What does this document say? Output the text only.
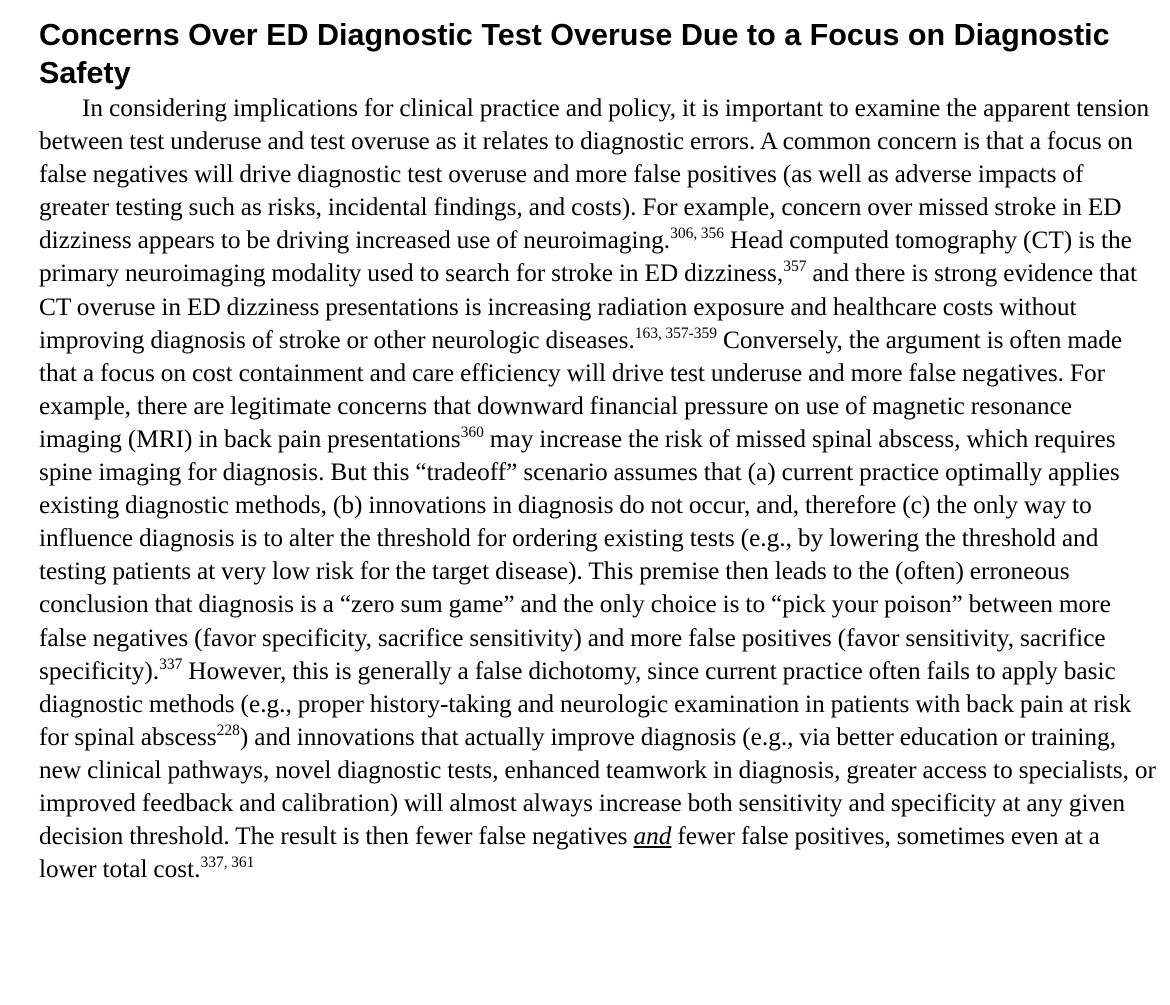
Concerns Over ED Diagnostic Test Overuse Due to a Focus on Diagnostic Safety

In considering implications for clinical practice and policy, it is important to examine the apparent tension between test underuse and test overuse as it relates to diagnostic errors. A common concern is that a focus on false negatives will drive diagnostic test overuse and more false positives (as well as adverse impacts of greater testing such as risks, incidental findings, and costs). For example, concern over missed stroke in ED dizziness appears to be driving increased use of neuroimaging.$^{306, 356}$ Head computed tomography (CT) is the primary neuroimaging modality used to search for stroke in ED dizziness,$^{357}$ and there is strong evidence that CT overuse in ED dizziness presentations is increasing radiation exposure and healthcare costs without improving diagnosis of stroke or other neurologic diseases.$^{163, 357-359}$ Conversely, the argument is often made that a focus on cost containment and care efficiency will drive test underuse and more false negatives. For example, there are legitimate concerns that downward financial pressure on use of magnetic resonance imaging (MRI) in back pain presentations$^{360}$ may increase the risk of missed spinal abscess, which requires spine imaging for diagnosis. But this “tradeoff” scenario assumes that (a) current practice optimally applies existing diagnostic methods, (b) innovations in diagnosis do not occur, and, therefore (c) the only way to influence diagnosis is to alter the threshold for ordering existing tests (e.g., by lowering the threshold and testing patients at very low risk for the target disease). This premise then leads to the (often) erroneous conclusion that diagnosis is a “zero sum game” and the only choice is to “pick your poison” between more false negatives (favor specificity, sacrifice sensitivity) and more false positives (favor sensitivity, sacrifice specificity).$^{337}$ However, this is generally a false dichotomy, since current practice often fails to apply basic diagnostic methods (e.g., proper history-taking and neurologic examination in patients with back pain at risk for spinal abscess$^{228}$) and innovations that actually improve diagnosis (e.g., via better education or training, new clinical pathways, novel diagnostic tests, enhanced teamwork in diagnosis, greater access to specialists, or improved feedback and calibration) will almost always increase both sensitivity and specificity at any given decision threshold. The result is then fewer false negatives and fewer false positives, sometimes even at a lower total cost.$^{337, 361}$
